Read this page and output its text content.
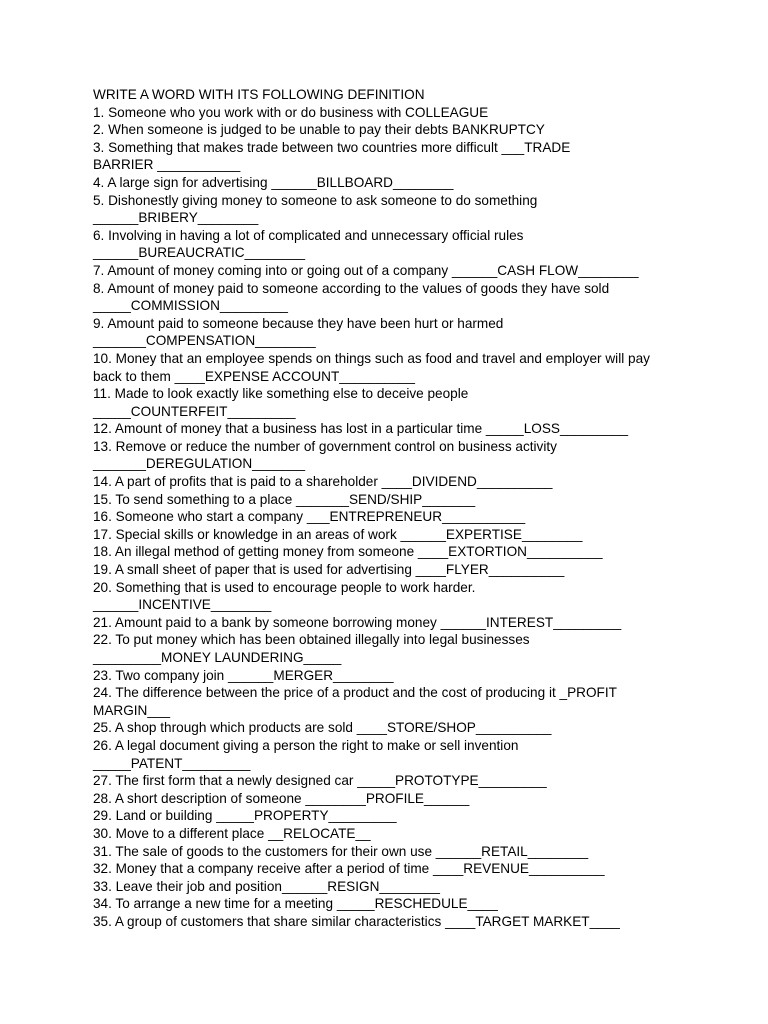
WRITE A WORD WITH ITS FOLLOWING DEFINITION
1. Someone who you work with or do business with COLLEAGUE
2. When someone is judged to be unable to pay their debts BANKRUPTCY
3. Something that makes trade between two countries more difficult ___TRADE
BARRIER ___________
4. A large sign for advertising ______BILLBOARD________
5. Dishonestly giving money to someone to ask someone to do something
______BRIBERY________
6. Involving in having a lot of complicated and unnecessary official rules
______BUREAUCRATIC________
7. Amount of money coming into or going out of a company ______CASH FLOW________
8. Amount of money paid to someone according to the values of goods they have sold
_____COMMISSION_________
9. Amount paid to someone because they have been hurt or harmed
_______COMPENSATION________
10. Money that an employee spends on things such as food and travel and employer will pay
back to them ____EXPENSE ACCOUNT__________
11. Made to look exactly like something else to deceive people
_____COUNTERFEIT_________
12. Amount of money that a business has lost in a particular time _____LOSS_________
13. Remove or reduce the number of government control on business activity
_______DEREGULATION_______
14. A part of profits that is paid to a shareholder ____DIVIDEND__________
15. To send something to a place _______SEND/SHIP_______
16. Someone who start a company ___ENTREPRENEUR___________
17. Special skills or knowledge in an areas of work ______EXPERTISE________
18. An illegal method of getting money from someone ____EXTORTION__________
19. A small sheet of paper that is used for advertising ____FLYER__________
20. Something that is used to encourage people to work harder.
______INCENTIVE________
21. Amount paid to a bank by someone borrowing money ______INTEREST_________
22. To put money which has been obtained illegally into legal businesses
_________MONEY LAUNDERING_____
23. Two company join ______MERGER________
24. The difference between the price of a product and the cost of producing it _PROFIT
MARGIN___
25. A shop through which products are sold ____STORE/SHOP__________
26. A legal document giving a person the right to make or sell invention
_____PATENT_________
27. The first form that a newly designed car _____PROTOTYPE_________
28. A short description of someone ________PROFILE______
29. Land or building _____PROPERTY_________
30. Move to a different place __RELOCATE__
31. The sale of goods to the customers for their own use ______RETAIL________
32. Money that a company receive after a period of time ____REVENUE__________
33. Leave their job and position______RESIGN________
34. To arrange a new time for a meeting _____RESCHEDULE____
35. A group of customers that share similar characteristics ____TARGET MARKET____
